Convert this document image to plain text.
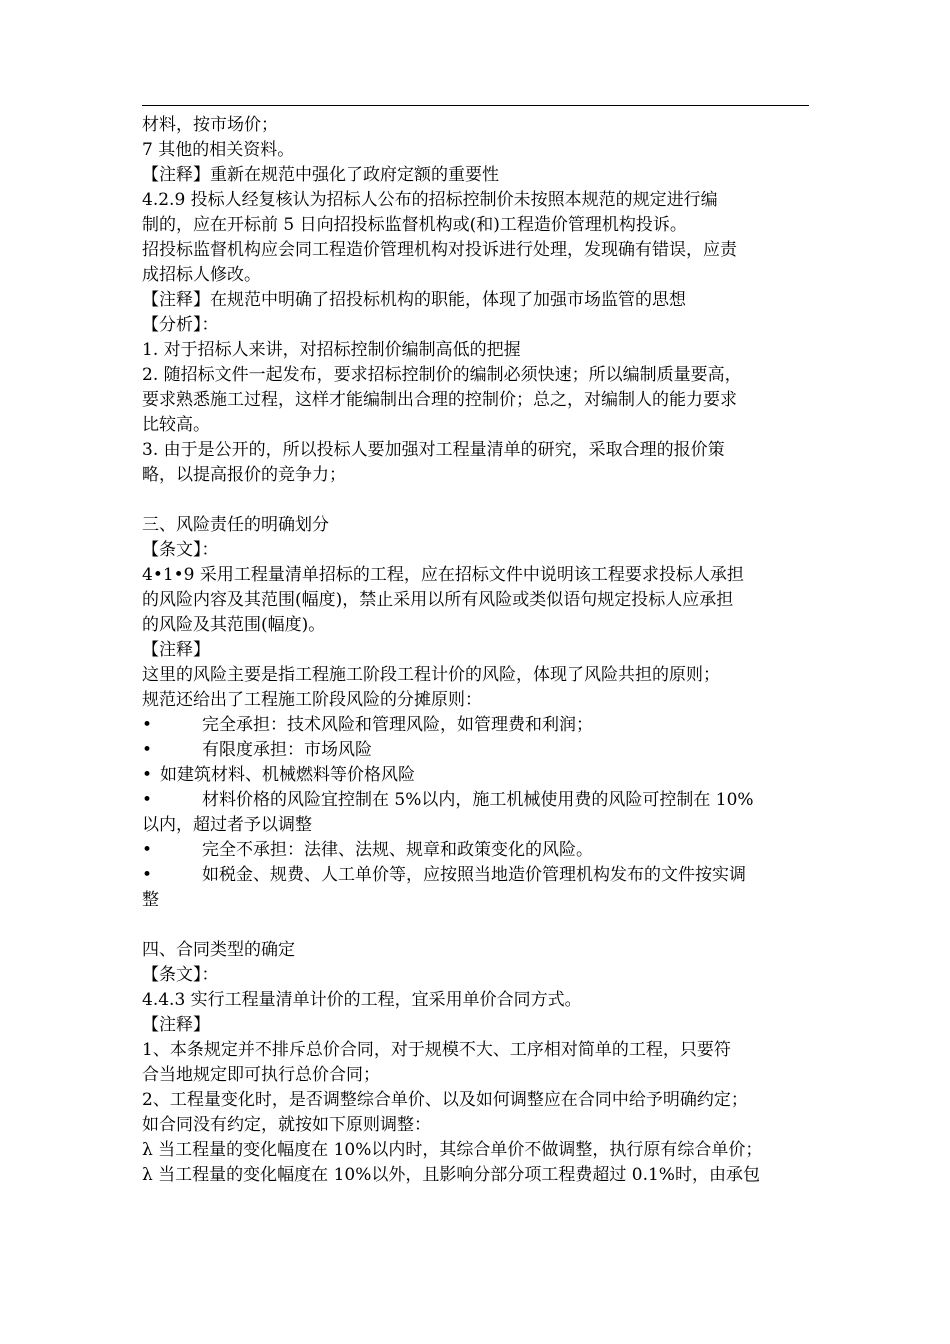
材料，按市场价；
7 其他的相关资料。
【注释】重新在规范中强化了政府定额的重要性
4.2.9 投标人经复核认为招标人公布的招标控制价未按照本规范的规定进行编
制的，应在开标前 5 日向招投标监督机构或(和)工程造价管理机构投诉。
招投标监督机构应会同工程造价管理机构对投诉进行处理，发现确有错误，应责
成招标人修改。
【注释】在规范中明确了招投标机构的职能，体现了加强市场监管的思想
【分析】：
1. 对于招标人来讲，对招标控制价编制高低的把握
2. 随招标文件一起发布，要求招标控制价的编制必须快速；所以编制质量要高，
要求熟悉施工过程，这样才能编制出合理的控制价；总之，对编制人的能力要求
比较高。
3. 由于是公开的，所以投标人要加强对工程量清单的研究，采取合理的报价策
略，以提高报价的竞争力；
三、风险责任的明确划分
【条文】：
4•1•9 采用工程量清单招标的工程，应在招标文件中说明该工程要求投标人承担
的风险内容及其范围(幅度)，禁止采用以所有风险或类似语句规定投标人应承担
的风险及其范围(幅度)。
【注释】
这里的风险主要是指工程施工阶段工程计价的风险，体现了风险共担的原则；
规范还给出了工程施工阶段风险的分摊原则：
•	完全承担：技术风险和管理风险，如管理费和利润；
•	有限度承担：市场风险
• 如建筑材料、机械燃料等价格风险
•	材料价格的风险宜控制在 5%以内，施工机械使用费的风险可控制在 10%
以内，超过者予以调整
•	完全不承担：法律、法规、规章和政策变化的风险。
•	如税金、规费、人工单价等，应按照当地造价管理机构发布的文件按实调
整
四、合同类型的确定
【条文】：
4.4.3 实行工程量清单计价的工程，宜采用单价合同方式。
【注释】
1、本条规定并不排斥总价合同，对于规模不大、工序相对简单的工程，只要符
合当地规定即可执行总价合同；
2、工程量变化时，是否调整综合单价、以及如何调整应在合同中给予明确约定；
如合同没有约定，就按如下原则调整：
λ 当工程量的变化幅度在 10%以内时，其综合单价不做调整，执行原有综合单价；
λ 当工程量的变化幅度在 10%以外，且影响分部分项工程费超过 0.1%时，由承包
